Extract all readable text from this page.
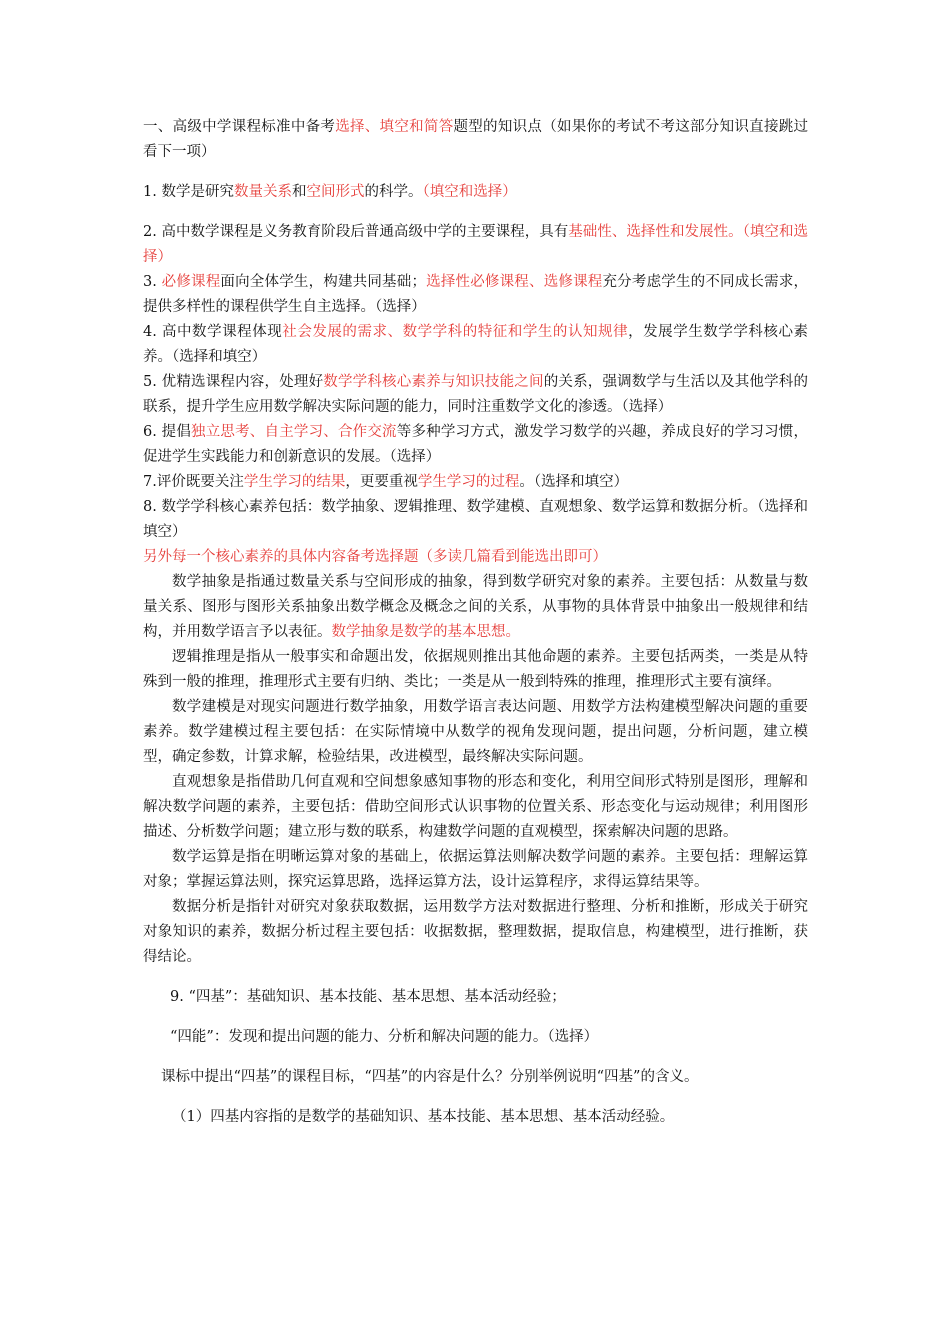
一、高级中学课程标准中备考选择、填空和简答题型的知识点（如果你的考试不考这部分知识直接跳过看下一项）

1. 数学是研究数量关系和空间形式的科学。（填空和选择）

2. 高中数学课程是义务教育阶段后普通高级中学的主要课程，具有基础性、选择性和发展性。（填空和选择）

3. 必修课程面向全体学生，构建共同基础；选择性必修课程、选修课程充分考虑学生的不同成长需求，提供多样性的课程供学生自主选择。（选择）

4. 高中数学课程体现社会发展的需求、数学学科的特征和学生的认知规律，发展学生数学学科核心素养。（选择和填空）

5. 优精选课程内容，处理好数学学科核心素养与知识技能之间的关系，强调数学与生活以及其他学科的联系，提升学生应用数学解决实际问题的能力，同时注重数学文化的渗透。（选择）

6. 提倡独立思考、自主学习、合作交流等多种学习方式，激发学习数学的兴趣，养成良好的学习习惯，促进学生实践能力和创新意识的发展。（选择）

7.评价既要关注学生学习的结果，更要重视学生学习的过程。（选择和填空）

8. 数学学科核心素养包括：数学抽象、逻辑推理、数学建模、直观想象、数学运算和数据分析。（选择和填空）

另外每一个核心素养的具体内容备考选择题（多读几篇看到能选出即可）

数学抽象是指通过数量关系与空间形成的抽象，得到数学研究对象的素养。主要包括：从数量与数量关系、图形与图形关系抽象出数学概念及概念之间的关系，从事物的具体背景中抽象出一般规律和结构，并用数学语言予以表征。数学抽象是数学的基本思想。

逻辑推理是指从一般事实和命题出发，依据规则推出其他命题的素养。主要包括两类，一类是从特殊到一般的推理，推理形式主要有归纳、类比；一类是从一般到特殊的推理，推理形式主要有演绎。

数学建模是对现实问题进行数学抽象，用数学语言表达问题、用数学方法构建模型解决问题的重要素养。数学建模过程主要包括：在实际情境中从数学的视角发现问题，提出问题，分析问题，建立模型，确定参数，计算求解，检验结果，改进模型，最终解决实际问题。

直观想象是指借助几何直观和空间想象感知事物的形态和变化，利用空间形式特别是图形，理解和解决数学问题的素养，主要包括：借助空间形式认识事物的位置关系、形态变化与运动规律；利用图形描述、分析数学问题；建立形与数的联系，构建数学问题的直观模型，探索解决问题的思路。

数学运算是指在明晰运算对象的基础上，依据运算法则解决数学问题的素养。主要包括：理解运算对象；掌握运算法则，探究运算思路，选择运算方法，设计运算程序，求得运算结果等。

数据分析是指针对研究对象获取数据，运用数学方法对数据进行整理、分析和推断，形成关于研究对象知识的素养，数据分析过程主要包括：收据数据，整理数据，提取信息，构建模型，进行推断，获得结论。

9. “四基”：基础知识、基本技能、基本思想、基本活动经验；

“四能”：发现和提出问题的能力、分析和解决问题的能力。（选择）

课标中提出“四基”的课程目标，“四基”的内容是什么？分别举例说明“四基”的含义。

（1）四基内容指的是数学的基础知识、基本技能、基本思想、基本活动经验。
